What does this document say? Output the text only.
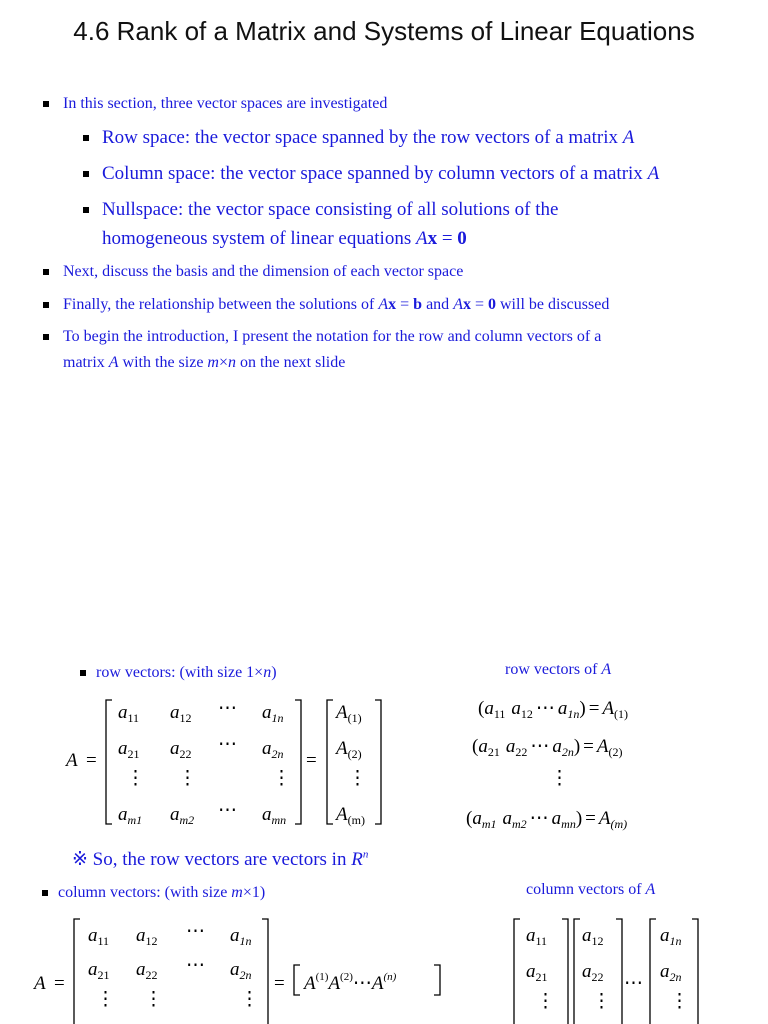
4.6 Rank of a Matrix and Systems of Linear Equations
In this section, three vector spaces are investigated
Row space: the vector space spanned by the row vectors of a matrix A
Column space: the vector space spanned by column vectors of a matrix A
Nullspace: the vector space consisting of all solutions of the
homogeneous system of linear equations Ax = 0
Next, discuss the basis and the dimension of each vector space
Finally, the relationship between the solutions of Ax = b and Ax = 0 will be discussed
To begin the introduction, I present the notation for the row and column vectors of a
matrix A with the size m×n on the next slide
row vectors: (with size 1×n)	row vectors of A
A =
$a_{11}$ $a_{12}$ ⋯ $a_{1n}$
$a_{21}$ $a_{22}$ ⋯ $a_{2n}$
⋮ ⋮	⋮
$a_{m1}$ $a_{m2}$ ⋯ $a_{mn}$
=
$A_{(1)}$
$A_{(2)}$
⋮
$A_{(m)}$
($a_{11}$ $a_{12}$ ⋯ $a_{1n}) = A_{(1)}$
($a_{21}$ $a_{22}$ ⋯ $a_{2n}) = A_{(2)}$
⋮
($a_{m1}$ $a_{m2}$ ⋯ $a_{mn}) = A_{(m)}$
※ So, the row vectors are vectors in $R^n$
column vectors: (with size m×1)	column vectors of A
A =
$a_{11}$ $a_{12}$ ⋯ $a_{1n}$
$a_{21}$ $a_{22}$ ⋯ $a_{2n}$
⋮ ⋮	⋮
= $A^{(1)}A^{(2)}\cdots A^{(n)}$
$a_{11}$
$a_{21}$
⋮
$a_{12}$
$a_{22}$
⋮
⋯
$a_{1n}$
$a_{2n}$
⋮
